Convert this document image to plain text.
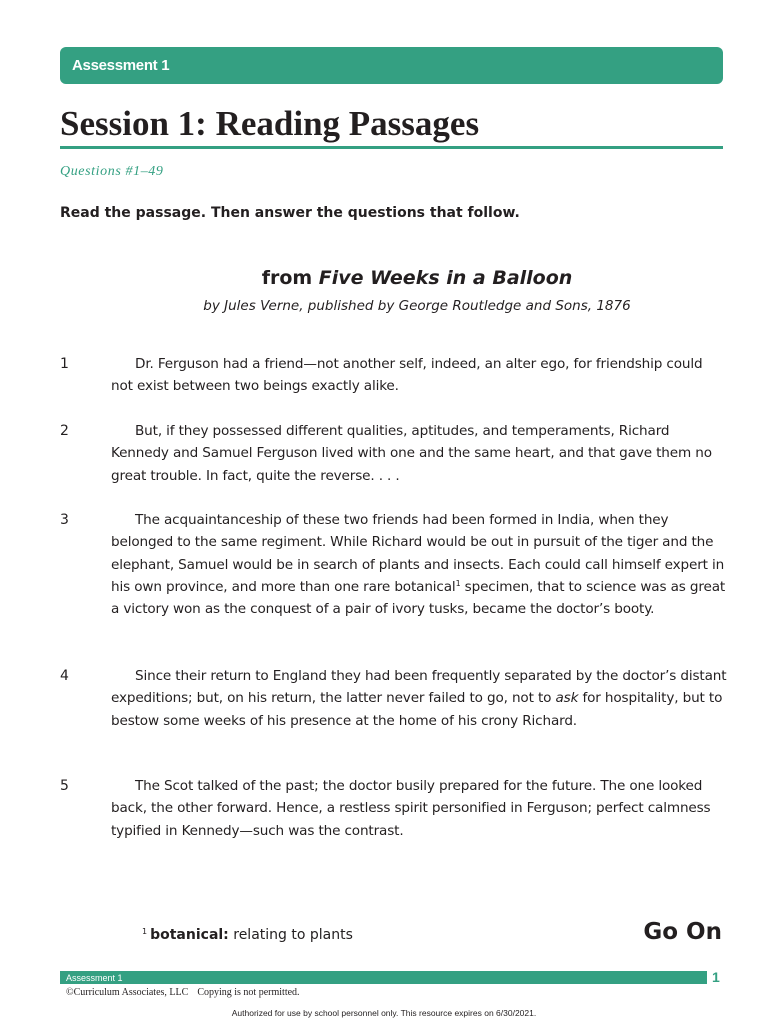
Assessment 1
Session 1: Reading Passages
Questions #1–49
Read the passage. Then answer the questions that follow.
from Five Weeks in a Balloon
by Jules Verne, published by George Routledge and Sons, 1876
1	Dr. Ferguson had a friend—not another self, indeed, an alter ego, for friendship could not exist between two beings exactly alike.

2	But, if they possessed different qualities, aptitudes, and temperaments, Richard Kennedy and Samuel Ferguson lived with one and the same heart, and that gave them no great trouble. In fact, quite the reverse. . . .

3	The acquaintanceship of these two friends had been formed in India, when they belonged to the same regiment. While Richard would be out in pursuit of the tiger and the elephant, Samuel would be in search of plants and insects. Each could call himself expert in his own province, and more than one rare botanical$^1$ specimen, that to science was as great a victory won as the conquest of a pair of ivory tusks, became the doctor’s booty.

4	Since their return to England they had been frequently separated by the doctor’s distant expeditions; but, on his return, the latter never failed to go, not to ask for hospitality, but to bestow some weeks of his presence at the home of his crony Richard.

5	The Scot talked of the past; the doctor busily prepared for the future. The one looked back, the other forward. Hence, a restless spirit personified in Ferguson; perfect calmness typified in Kennedy—such was the contrast.

$^1$ botanical: relating to plants	Go On
Assessment 1	1
©Curriculum Associates, LLC Copying is not permitted.
Authorized for use by school personnel only. This resource expires on 6/30/2021.
